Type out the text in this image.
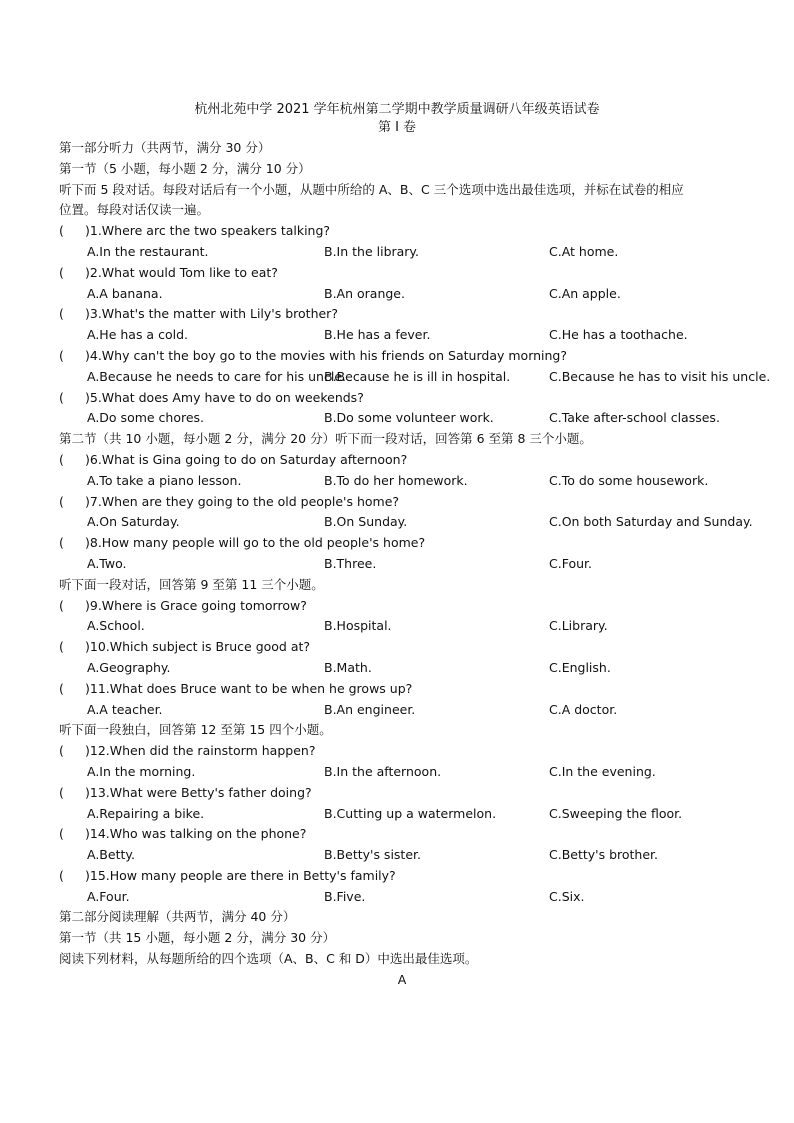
杭州北苑中学 2021 学年杭州第二学期中教学质量调研八年级英语试卷
第 I 卷
第一部分听力（共两节，满分 30 分）
第一节（5 小题，每小题 2 分，满分 10 分）
听下而 5 段对话。每段对话后有一个小题，从题中所给的 A、B、C 三个选项中选出最佳选项，并标在试卷的相应
位置。每段对话仅读一遍。
( )1.Where arc the two speakers talking?
A.In the restaurant.	B.In the library.	C.At home.
( )2.What would Tom like to eat?
A.A banana.	B.An orange.	C.An apple.
( )3.What's the matter with Lily's brother?
A.He has a cold.	B.He has a fever.	C.He has a toothache.
( )4.Why can't the boy go to the movies with his friends on Saturday morning?
A.Because he needs to care for his uncle.
B.Because he is ill in hospital.	C.Because he has to visit his uncle.
( )5.What does Amy have to do on weekends?
A.Do some chores.	B.Do some volunteer work.	C.Take after-school classes.
第二节（共 10 小题，每小题 2 分，满分 20 分）听下而一段对话，回答第 6 至第 8 三个小题。
( )6.What is Gina going to do on Saturday afternoon?
A.To take a piano lesson.	B.To do her homework.	C.To do some housework.
( )7.When are they going to the old people's home?
A.On Saturday.	B.On Sunday.	C.On both Saturday and Sunday.
( )8.How many people will go to the old people's home?
A.Two.	B.Three.	C.Four.
听下面一段对话，回答第 9 至第 11 三个小题。
( )9.Where is Grace going tomorrow?
A.School.	B.Hospital.	C.Library.
( )10.Which subject is Bruce good at?
A.Geography.	B.Math.	C.English.
( )11.What does Bruce want to be when he grows up?
A.A teacher.	B.An engineer.	C.A doctor.
听下面一段独白，回答第 12 至第 15 四个小题。
( )12.When did the rainstorm happen?
A.In the morning.	B.In the afternoon.	C.In the evening.
( )13.What were Betty's father doing?
A.Repairing a bike.	B.Cutting up a watermelon.	C.Sweeping the floor.
( )14.Who was talking on the phone?
A.Betty.	B.Betty's sister.	C.Betty's brother.
( )15.How many people are there in Betty's family?
A.Four.	B.Five.	C.Six.
第二部分阅读理解（共两节，满分 40 分）
第一节（共 15 小题，每小题 2 分，满分 30 分）
阅读下列材料，从每题所给的四个选项（A、B、C 和 D）中选出最佳选项。
A
